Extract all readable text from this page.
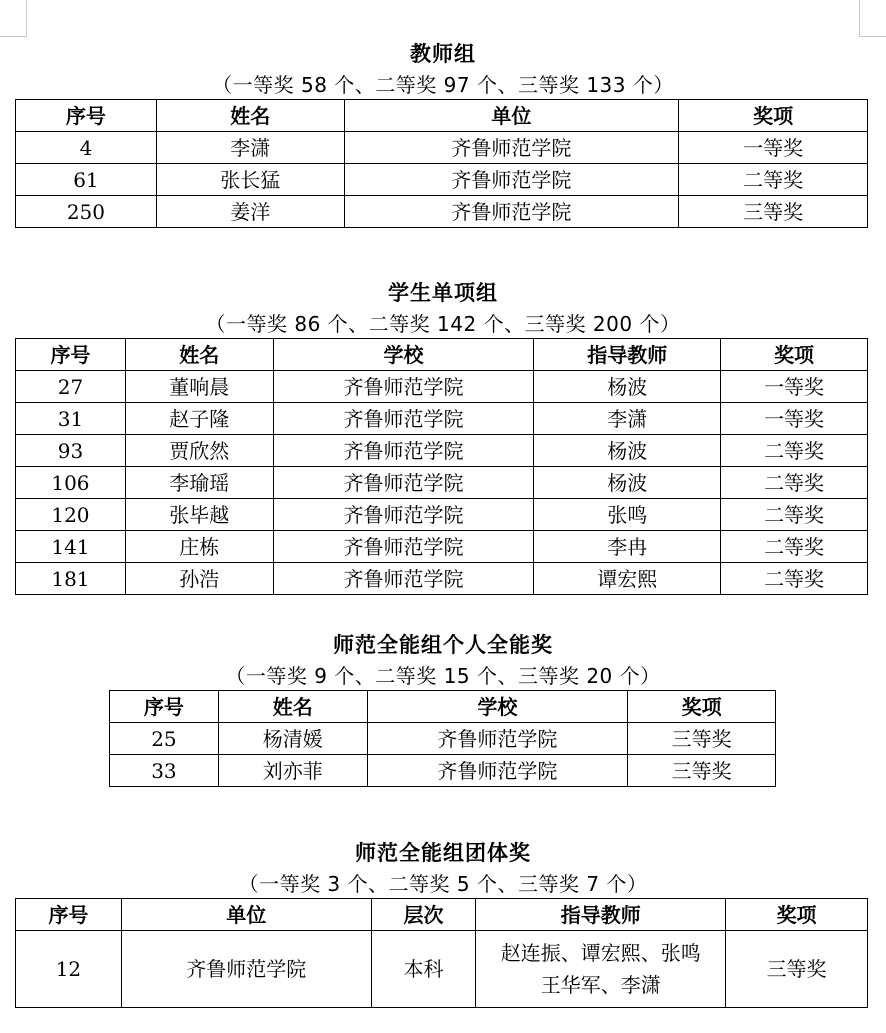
教师组
（一等奖 58 个、二等奖 97 个、三等奖 133 个）
序号	姓名	单位	奖项
4	李潇	齐鲁师范学院	一等奖
61	张长猛	齐鲁师范学院	二等奖
250	姜洋	齐鲁师范学院	三等奖
学生单项组
（一等奖 86 个、二等奖 142 个、三等奖 200 个）
序号	姓名	学校	指导教师	奖项
27	董响晨	齐鲁师范学院	杨波	一等奖
31	赵子隆	齐鲁师范学院	李潇	一等奖
93	贾欣然	齐鲁师范学院	杨波	二等奖
106	李瑜瑶	齐鲁师范学院	杨波	二等奖
120	张毕越	齐鲁师范学院	张鸣	二等奖
141	庄栋	齐鲁师范学院	李冉	二等奖
181	孙浩	齐鲁师范学院	谭宏熙	二等奖
师范全能组个人全能奖
（一等奖 9 个、二等奖 15 个、三等奖 20 个）
序号	姓名	学校	奖项
25	杨清媛	齐鲁师范学院	三等奖
33	刘亦菲	齐鲁师范学院	三等奖
师范全能组团体奖
（一等奖 3 个、二等奖 5 个、三等奖 7 个）
序号	单位	层次	指导教师	奖项
12	齐鲁师范学院	本科	赵连振、谭宏熙、张鸣
王华军、李潇	三等奖
